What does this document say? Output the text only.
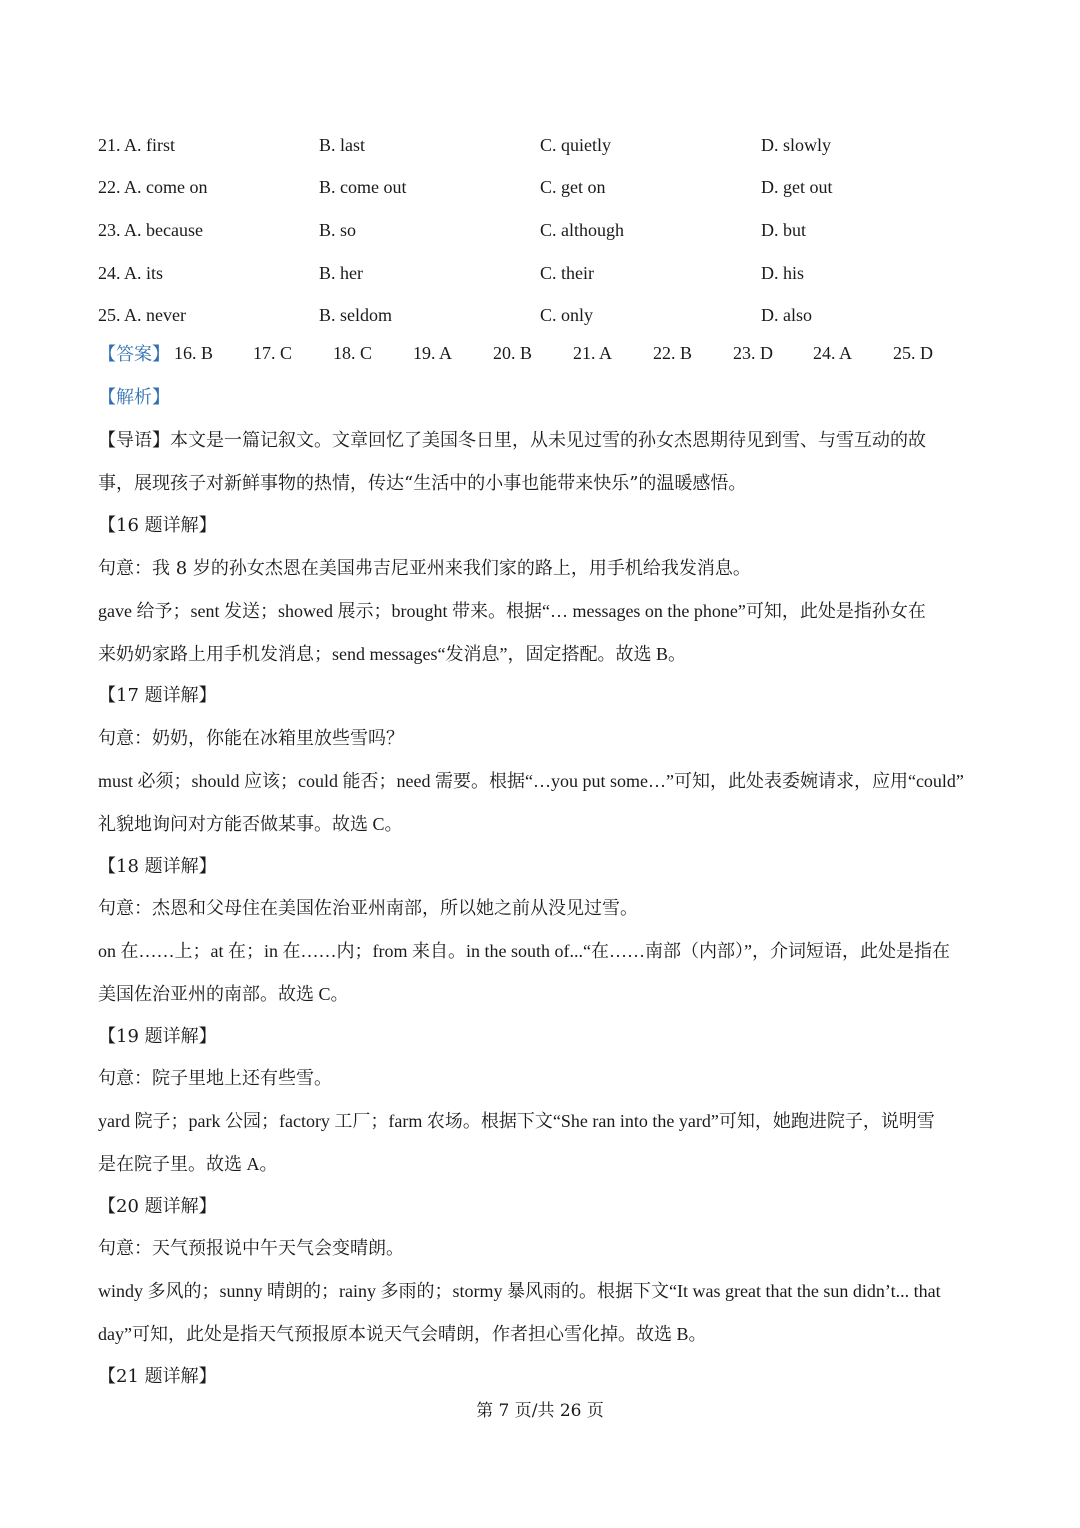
21. A. first	B. last	C. quietly	D. slowly
22. A. come on	B. come out	C. get on	D. get out
23. A. because	B. so	C. although	D. but
24. A. its	B. her	C. their	D. his
25. A. never	B. seldom	C. only	D. also
【答案】 16. B	17. C	18. C	19. A	20. B	21. A	22. B	23. D	24. A	25. D
【解析】
【导语】本文是一篇记叙文。文章回忆了美国冬日里，从未见过雪的孙女杰恩期待见到雪、与雪互动的故
事，展现孩子对新鲜事物的热情，传达“生活中的小事也能带来快乐”的温暖感悟。
【16 题详解】
句意：我 8 岁的孙女杰恩在美国弗吉尼亚州来我们家的路上，用手机给我发消息。
gave 给予；sent 发送；showed 展示；brought 带来。根据“… messages on the phone”可知，此处是指孙女在
来奶奶家路上用手机发消息；send messages“发消息”，固定搭配。故选 B。
【17 题详解】
句意：奶奶，你能在冰箱里放些雪吗？
must 必须；should 应该；could 能否；need 需要。根据“…you put some…”可知，此处表委婉请求，应用“could”
礼貌地询问对方能否做某事。故选 C。
【18 题详解】
句意：杰恩和父母住在美国佐治亚州南部，所以她之前从没见过雪。
on 在……上；at 在；in 在……内；from 来自。in the south of...“在……南部（内部）”，介词短语，此处是指在
美国佐治亚州的南部。故选 C。
【19 题详解】
句意：院子里地上还有些雪。
yard 院子；park 公园；factory 工厂；farm 农场。根据下文“She ran into the yard”可知，她跑进院子，说明雪
是在院子里。故选 A。
【20 题详解】
句意：天气预报说中午天气会变晴朗。
windy 多风的；sunny 晴朗的；rainy 多雨的；stormy 暴风雨的。根据下文“It was great that the sun didn’t... that
day”可知，此处是指天气预报原本说天气会晴朗，作者担心雪化掉。故选 B。
【21 题详解】
第 7 页/共 26 页
